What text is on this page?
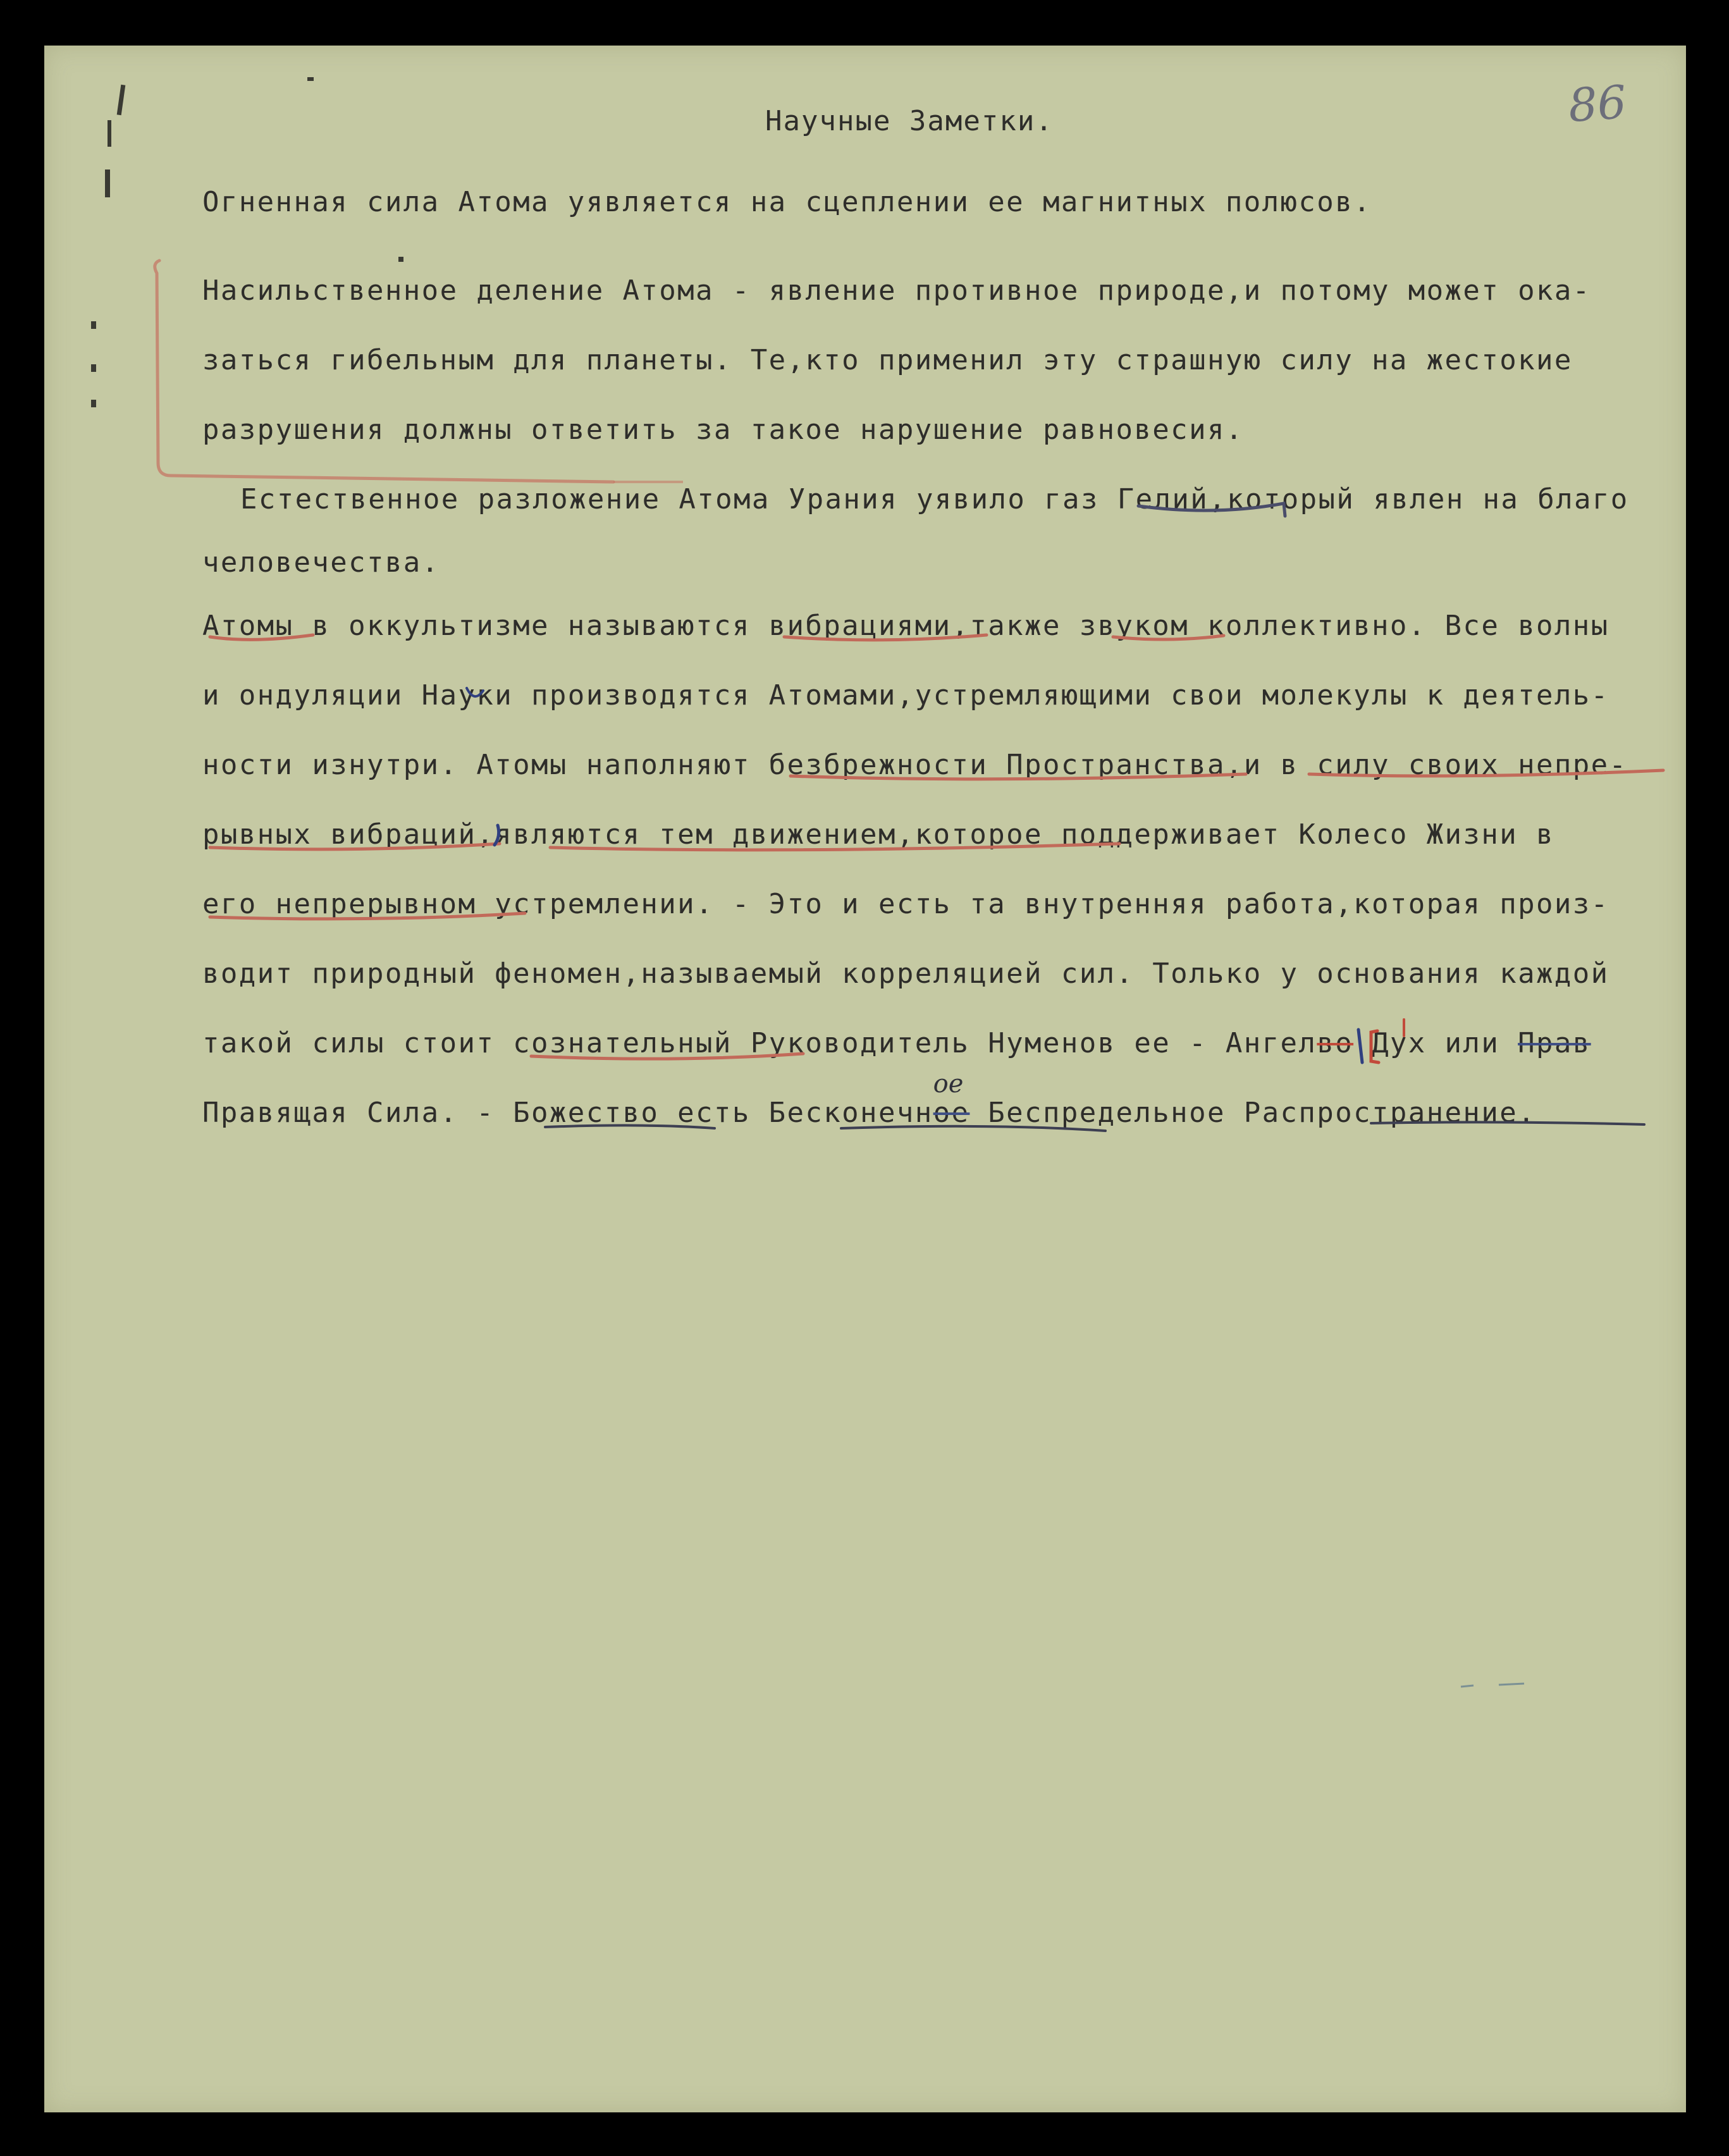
Научные Заметки.	86
Огненная сила Атома уявляется на сцеплении ее магнитных полюсов.
Насильственное деление Атома - явление противное природе,и потому может ока-
заться гибельным для планеты. Те,кто применил эту страшную силу на жестокие
разрушения должны ответить за такое нарушение равновесия.
Естественное разложение Атома Урания уявило газ Гелий,который явлен на благо
человечества.
Атомы в оккультизме называются вибрациями,также звуком коллективно. Все волны
и ондуляции Науки производятся Атомами,устремляющими свои молекулы к деятель-
ности изнутри. Атомы наполняют безбрежности Пространства,и в силу своих непре-
рывных вибраций,являются тем движением,которое поддерживает Колесо Жизни в
его непрерывном устремлении. - Это и есть та внутренняя работа,которая произ-
водит природный феномен,называемый корреляцией сил. Только у основания каждой
такой силы стоит сознательный Руководитель Нуменов ее - Ангелво Дух или Прав
Правящая Сила. - Божество есть Бесконечное
ое
Беспредельное Распространение.
